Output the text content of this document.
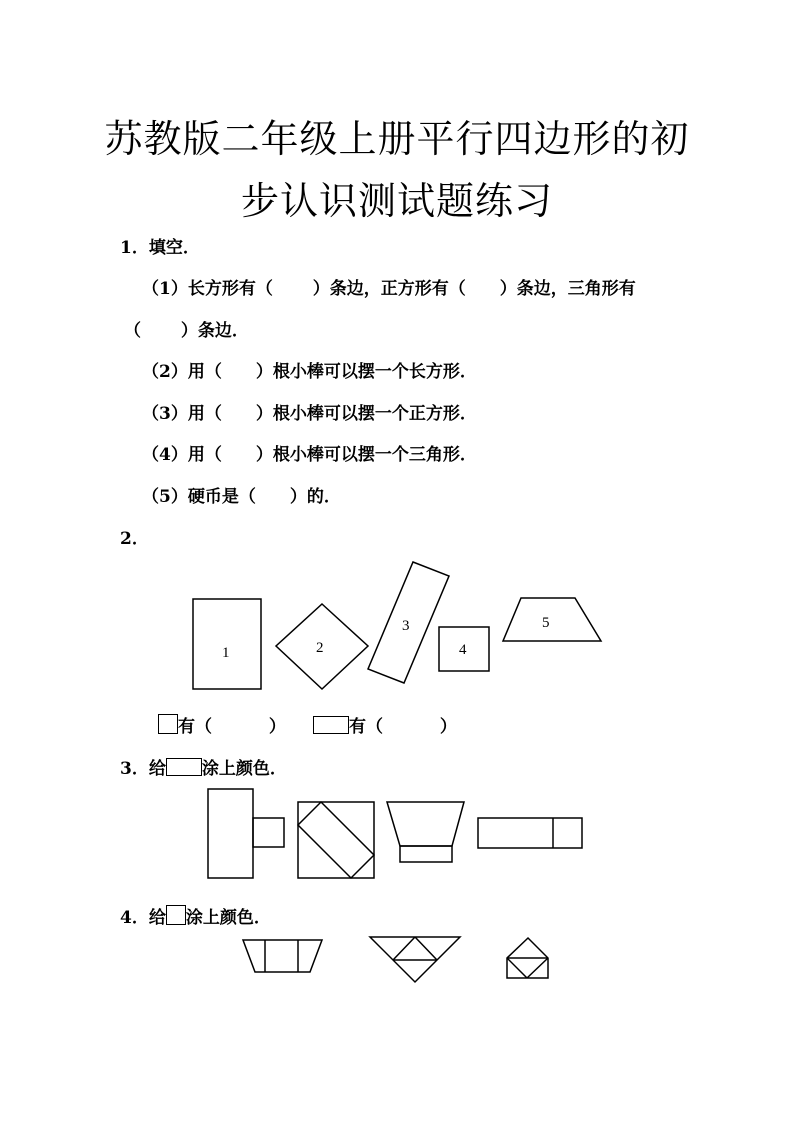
苏教版二年级上册平行四边形的初
步认识测试题练习
1．填空．
（1）长方形有（　　 ）条边，正方形有（　　）条边，三角形有
（　　 ）条边．
（2）用（　　）根小棒可以摆一个长方形．
（3）用（　　）根小棒可以摆一个正方形．
（4）用（　　）根小棒可以摆一个三角形．
（5）硬币是（　　）的．
2．
1	2
3
4
5
有（　　　 ）	有（　　　 ）
3．给 涂上颜色．
4．给 涂上颜色．
